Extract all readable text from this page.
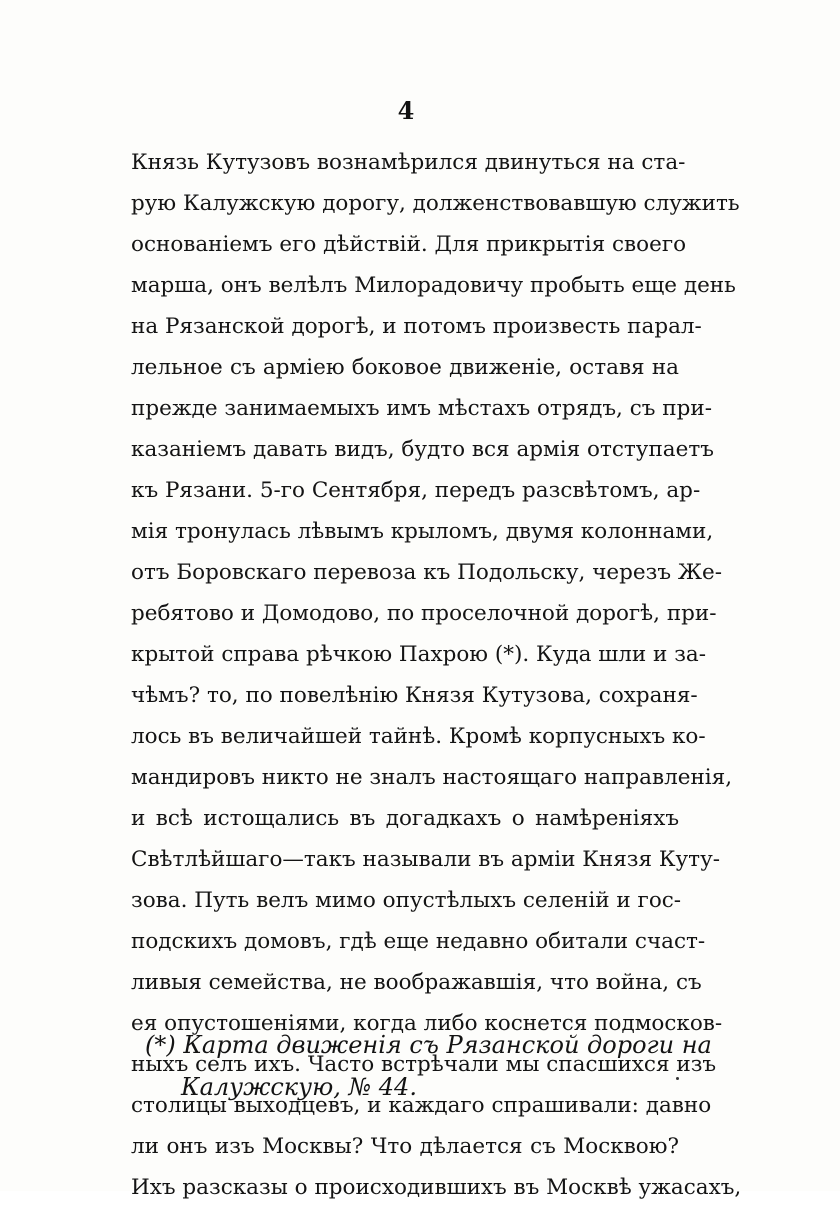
4
Князь Кутузовъ вознамѣрился двинуться на ста-
рую Калужскую дорогу, долженствовавшую служить
основаніемъ его дѣйствій. Для прикрытія своего
марша, онъ велѣлъ Милорадовичу пробыть еще день
на Рязанской дорогѣ, и потомъ произвесть парал-
лельное съ арміею боковое движеніе, оставя на
прежде занимаемыхъ имъ мѣстахъ отрядъ, съ при-
казаніемъ давать видъ, будто вся армія отступаетъ
къ Рязани. 5-го Сентября, передъ разсвѣтомъ, ар-
мія тронулась лѣвымъ крыломъ, двумя колоннами,
отъ Боровскаго перевоза къ Подольску, черезъ Же-
ребятово и Домодово, по проселочной дорогѣ, при-
крытой справа рѣчкою Пахрою (*). Куда шли и за-
чѣмъ? то, по повелѣнію Князя Кутузова, сохраня-
лось въ величайшей тайнѣ. Кромѣ корпусныхъ ко-
мандировъ никто не зналъ настоящаго направленія,
и всѣ истощались въ догадкахъ о намѣреніяхъ
Свѣтлѣйшаго—такъ называли въ арміи Князя Куту-
зова. Путь велъ мимо опустѣлыхъ селеній и гос-
подскихъ домовъ, гдѣ еще недавно обитали счаст-
ливыя семейства, не воображавшія, что война, съ
ея опустошеніями, когда либо коснется подмосков-
ныхъ селъ ихъ. Часто встрѣчали мы спасшихся изъ
столицы выходцевъ, и каждаго спрашивали: давно
ли онъ изъ Москвы? Что дѣлается съ Москвою?
Ихъ разсказы о происходившихъ въ Москвѣ ужасахъ,
(*) Карта движенія съ Рязанской дороги на
Калужскую, № 44.
